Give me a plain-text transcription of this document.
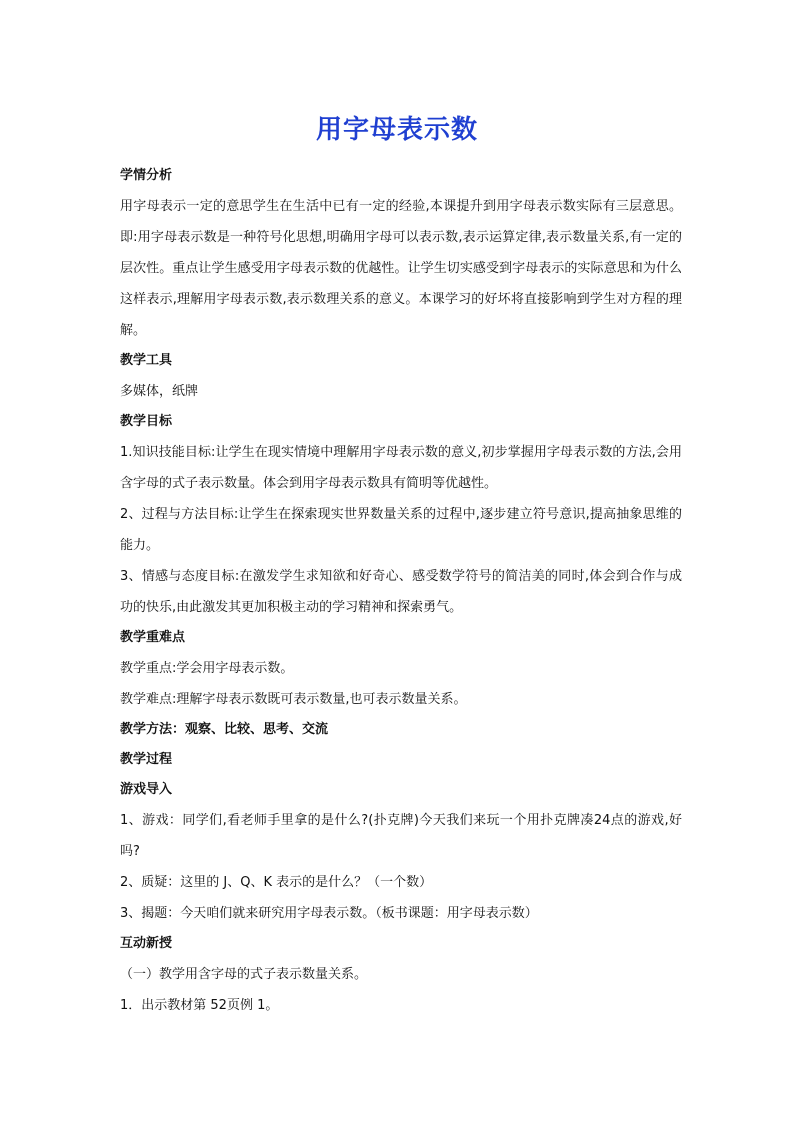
用字母表示数
学情分析
用字母表示一定的意思学生在生活中已有一定的经验,本课提升到用字母表示数实际有三层意思。即:用字母表示数是一种符号化思想,明确用字母可以表示数,表示运算定律,表示数量关系,有一定的层次性。重点让学生感受用字母表示数的优越性。让学生切实感受到字母表示的实际意思和为什么这样表示,理解用字母表示数,表示数理关系的意义。本课学习的好坏将直接影响到学生对方程的理解。
教学工具
多媒体，纸牌
教学目标
1.知识技能目标:让学生在现实情境中理解用字母表示数的意义,初步掌握用字母表示数的方法,会用含字母的式子表示数量。体会到用字母表示数具有简明等优越性。
2、过程与方法目标:让学生在探索现实世界数量关系的过程中,逐步建立符号意识,提高抽象思维的能力。
3、情感与态度目标:在激发学生求知欲和好奇心、感受数学符号的简洁美的同时,体会到合作与成功的快乐,由此激发其更加积极主动的学习精神和探索勇气。
教学重难点
教学重点:学会用字母表示数。
教学难点:理解字母表示数既可表示数量,也可表示数量关系。
教学方法：观察、比较、思考、交流
教学过程
游戏导入
1、游戏：同学们,看老师手里拿的是什么?(扑克牌)今天我们来玩一个用扑克牌凑24点的游戏,好吗?
2、质疑：这里的 J、Q、K 表示的是什么？（一个数）
3、揭题：今天咱们就来研究用字母表示数。（板书课题：用字母表示数）
互动新授
（一）教学用含字母的式子表示数量关系。
1．出示教材第 52页例 1。
